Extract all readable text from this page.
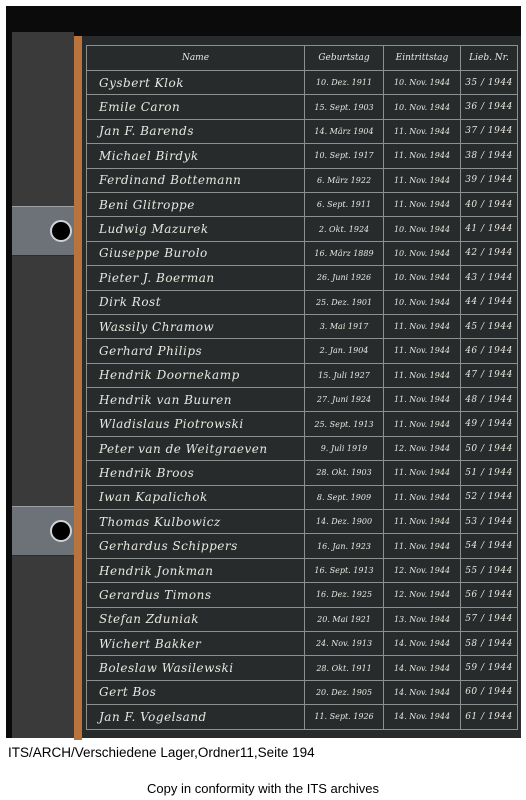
Name	Geburtstag	Eintrittstag	Lieb. Nr.
Gysbert Klok	10. Dez. 1911	10. Nov. 1944	35 / 1944
Emile Caron	15. Sept. 1903	10. Nov. 1944	36 / 1944
Jan F. Barends	14. März 1904	11. Nov. 1944	37 / 1944
Michael Birdyk	10. Sept. 1917	11. Nov. 1944	38 / 1944
Ferdinand Bottemann	6. März 1922	11. Nov. 1944	39 / 1944
Beni Glitroppe	6. Sept. 1911	11. Nov. 1944	40 / 1944
Ludwig Mazurek	2. Okt. 1924	10. Nov. 1944	41 / 1944
Giuseppe Burolo	16. März 1889	10. Nov. 1944	42 / 1944
Pieter J. Boerman	26. Juni 1926	10. Nov. 1944	43 / 1944
Dirk Rost	25. Dez. 1901	10. Nov. 1944	44 / 1944
Wassily Chramow	3. Mai 1917	11. Nov. 1944	45 / 1944
Gerhard Philips	2. Jan. 1904	11. Nov. 1944	46 / 1944
Hendrik Doornekamp	15. Juli 1927	11. Nov. 1944	47 / 1944
Hendrik van Buuren	27. Juni 1924	11. Nov. 1944	48 / 1944
Wladislaus Piotrowski	25. Sept. 1913	11. Nov. 1944	49 / 1944
Peter van de Weitgraeven	9. Juli 1919	12. Nov. 1944	50 / 1944
Hendrik Broos	28. Okt. 1903	11. Nov. 1944	51 / 1944
Iwan Kapalichok	8. Sept. 1909	11. Nov. 1944	52 / 1944
Thomas Kulbowicz	14. Dez. 1900	11. Nov. 1944	53 / 1944
Gerhardus Schippers	16. Jan. 1923	11. Nov. 1944	54 / 1944
Hendrik Jonkman	16. Sept. 1913	12. Nov. 1944	55 / 1944
Gerardus Timons	16. Dez. 1925	12. Nov. 1944	56 / 1944
Stefan Zduniak	20. Mai 1921	13. Nov. 1944	57 / 1944
Wichert Bakker	24. Nov. 1913	14. Nov. 1944	58 / 1944
Boleslaw Wasilewski	28. Okt. 1911	14. Nov. 1944	59 / 1944
Gert Bos	20. Dez. 1905	14. Nov. 1944	60 / 1944
Jan F. Vogelsand	11. Sept. 1926	14. Nov. 1944	61 / 1944
ITS/ARCH/Verschiedene Lager,Ordner11,Seite 194
Copy in conformity with the ITS archives
